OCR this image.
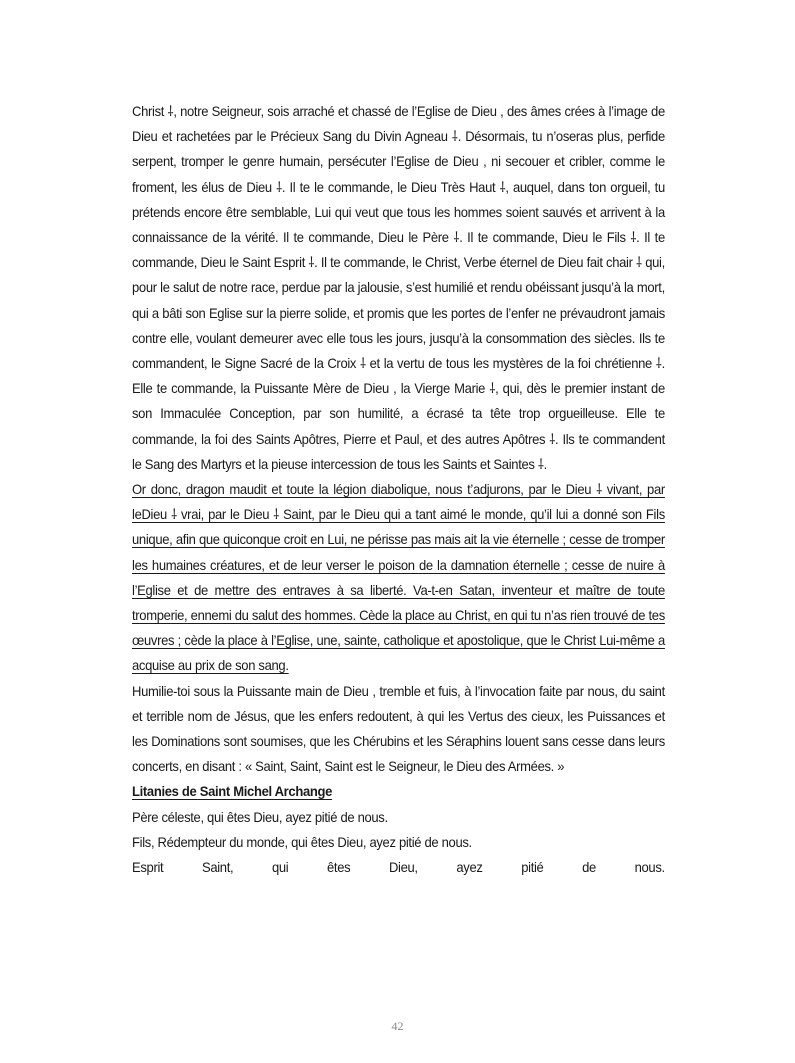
Christ ⸸, notre Seigneur, sois arraché et chassé de l’Eglise de Dieu , des âmes crées à l’image de Dieu et rachetées par le Précieux Sang du Divin Agneau ⸸. Désormais, tu n’oseras plus, perfide serpent, tromper le genre humain, persécuter l’Eglise de Dieu , ni secouer et cribler, comme le froment, les élus de Dieu ⸸. Il te le commande, le Dieu Très Haut ⸸, auquel, dans ton orgueil, tu prétends encore être semblable, Lui qui veut que tous les hommes soient sauvés et arrivent à la connaissance de la vérité. Il te commande, Dieu le Père ⸸. Il te commande, Dieu le Fils ⸸. Il te commande, Dieu le Saint Esprit ⸸. Il te commande, le Christ, Verbe éternel de Dieu fait chair ⸸ qui, pour le salut de notre race, perdue par la jalousie, s’est humilié et rendu obéissant jusqu’à la mort, qui a bâti son Eglise sur la pierre solide, et promis que les portes de l’enfer ne prévaudront jamais contre elle, voulant demeurer avec elle tous les jours, jusqu’à la consommation des siècles. Ils te commandent, le Signe Sacré de la Croix ⸸ et la vertu de tous les mystères de la foi chrétienne ⸸. Elle te commande, la Puissante Mère de Dieu , la Vierge Marie ⸸, qui, dès le premier instant de son Immaculée Conception, par son humilité, a écrasé ta tête trop orgueilleuse. Elle te commande, la foi des Saints Apôtres, Pierre et Paul, et des autres Apôtres ⸸. Ils te commandent le Sang des Martyrs et la pieuse intercession de tous les Saints et Saintes ⸸.

Or donc, dragon maudit et toute la légion diabolique, nous t’adjurons, par le Dieu ⸸ vivant, par leDieu ⸸ vrai, par le Dieu ⸸ Saint, par le Dieu qui a tant aimé le monde, qu’il lui a donné son Fils unique, afin que quiconque croit en Lui, ne périsse pas mais ait la vie éternelle ; cesse de tromper les humaines créatures, et de leur verser le poison de la damnation éternelle ; cesse de nuire à l’Eglise et de mettre des entraves à sa liberté. Va-t-en Satan, inventeur et maître de toute tromperie, ennemi du salut des hommes. Cède la place au Christ, en qui tu n’as rien trouvé de tes œuvres ; cède la place à l’Eglise, une, sainte, catholique et apostolique, que le Christ Lui-même a acquise au prix de son sang.

Humilie-toi sous la Puissante main de Dieu , tremble et fuis, à l’invocation faite par nous, du saint et terrible nom de Jésus, que les enfers redoutent, à qui les Vertus des cieux, les Puissances et les Dominations sont soumises, que les Chérubins et les Séraphins louent sans cesse dans leurs concerts, en disant : « Saint, Saint, Saint est le Seigneur, le Dieu des Armées. »

Litanies de Saint Michel Archange
Père céleste, qui êtes Dieu, ayez pitié de nous.
Fils, Rédempteur du monde, qui êtes Dieu, ayez pitié de nous.
Esprit	Saint,	qui	êtes	Dieu,	ayez	pitié	de	nous.
42
